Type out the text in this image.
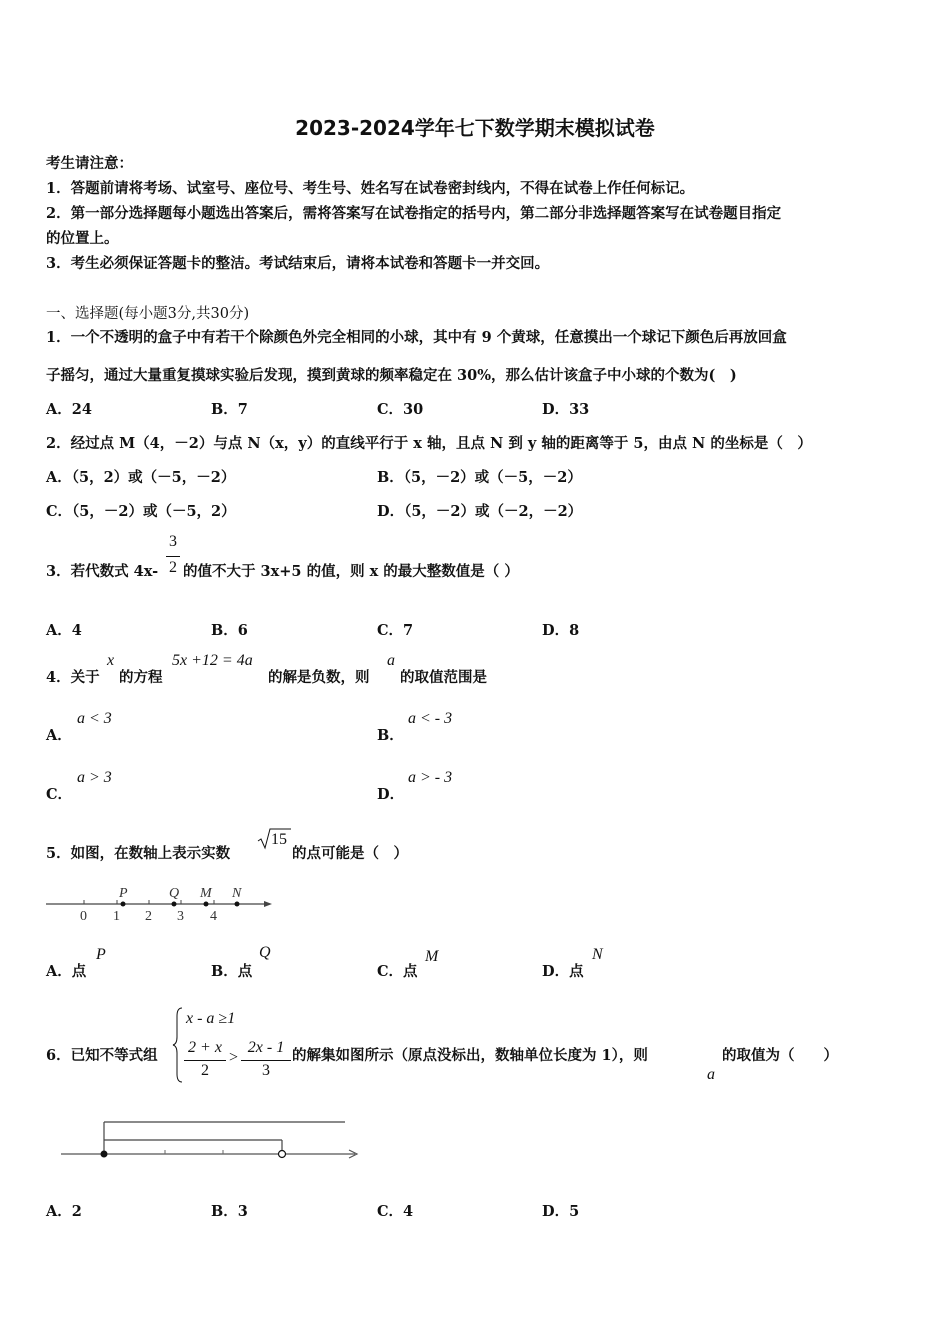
2023-2024学年七下数学期末模拟试卷
考生请注意：
1．答题前请将考场、试室号、座位号、考生号、姓名写在试卷密封线内，不得在试卷上作任何标记。
2．第一部分选择题每小题选出答案后，需将答案写在试卷指定的括号内，第二部分非选择题答案写在试卷题目指定
的位置上。
3．考生必须保证答题卡的整洁。考试结束后，请将本试卷和答题卡一并交回。
一、选择题(每小题3分,共30分)
1．一个不透明的盒子中有若干个除颜色外完全相同的小球，其中有 9 个黄球，任意摸出一个球记下颜色后再放回盒
子摇匀，通过大量重复摸球实验后发现，摸到黄球的频率稳定在 30%，那么估计该盒子中小球的个数为(　)
A．24	B．7	C．30	D．33
2．经过点 M（4，－2）与点 N（x，y）的直线平行于 x 轴，且点 N 到 y 轴的距离等于 5，由点 N 的坐标是（　）
A．（5，2）或（－5，－2）	B．（5，－2）或（－5，－2）
C．（5，－2）或（－5，2）	D．（5，－2）或（－2，－2）
3．若代数式 4x-
3
2 的值不大于 3x+5 的值，则 x 的最大整数值是（ ）
A．4	B．6	C．7	D．8
4．关于
x
的方程
5x +12 = 4a
的解是负数，则
a
的取值范围是
A．
a < 3
B．
a < - 3
C．
a > 3
D．
a > - 3
5．如图，在数轴上表示实数
15
的点可能是（　）
0 1 2 3 4
P	Q M N
A．点
P
B．点
Q
C．点
M
D．点
N
6．已知不等式组
x - a ≥1
2 + x
2
>
2x - 1
3
的解集如图所示（原点没标出，数轴单位长度为 1），则
a
的取值为（　　）
A．2	B．3	C．4	D．5
